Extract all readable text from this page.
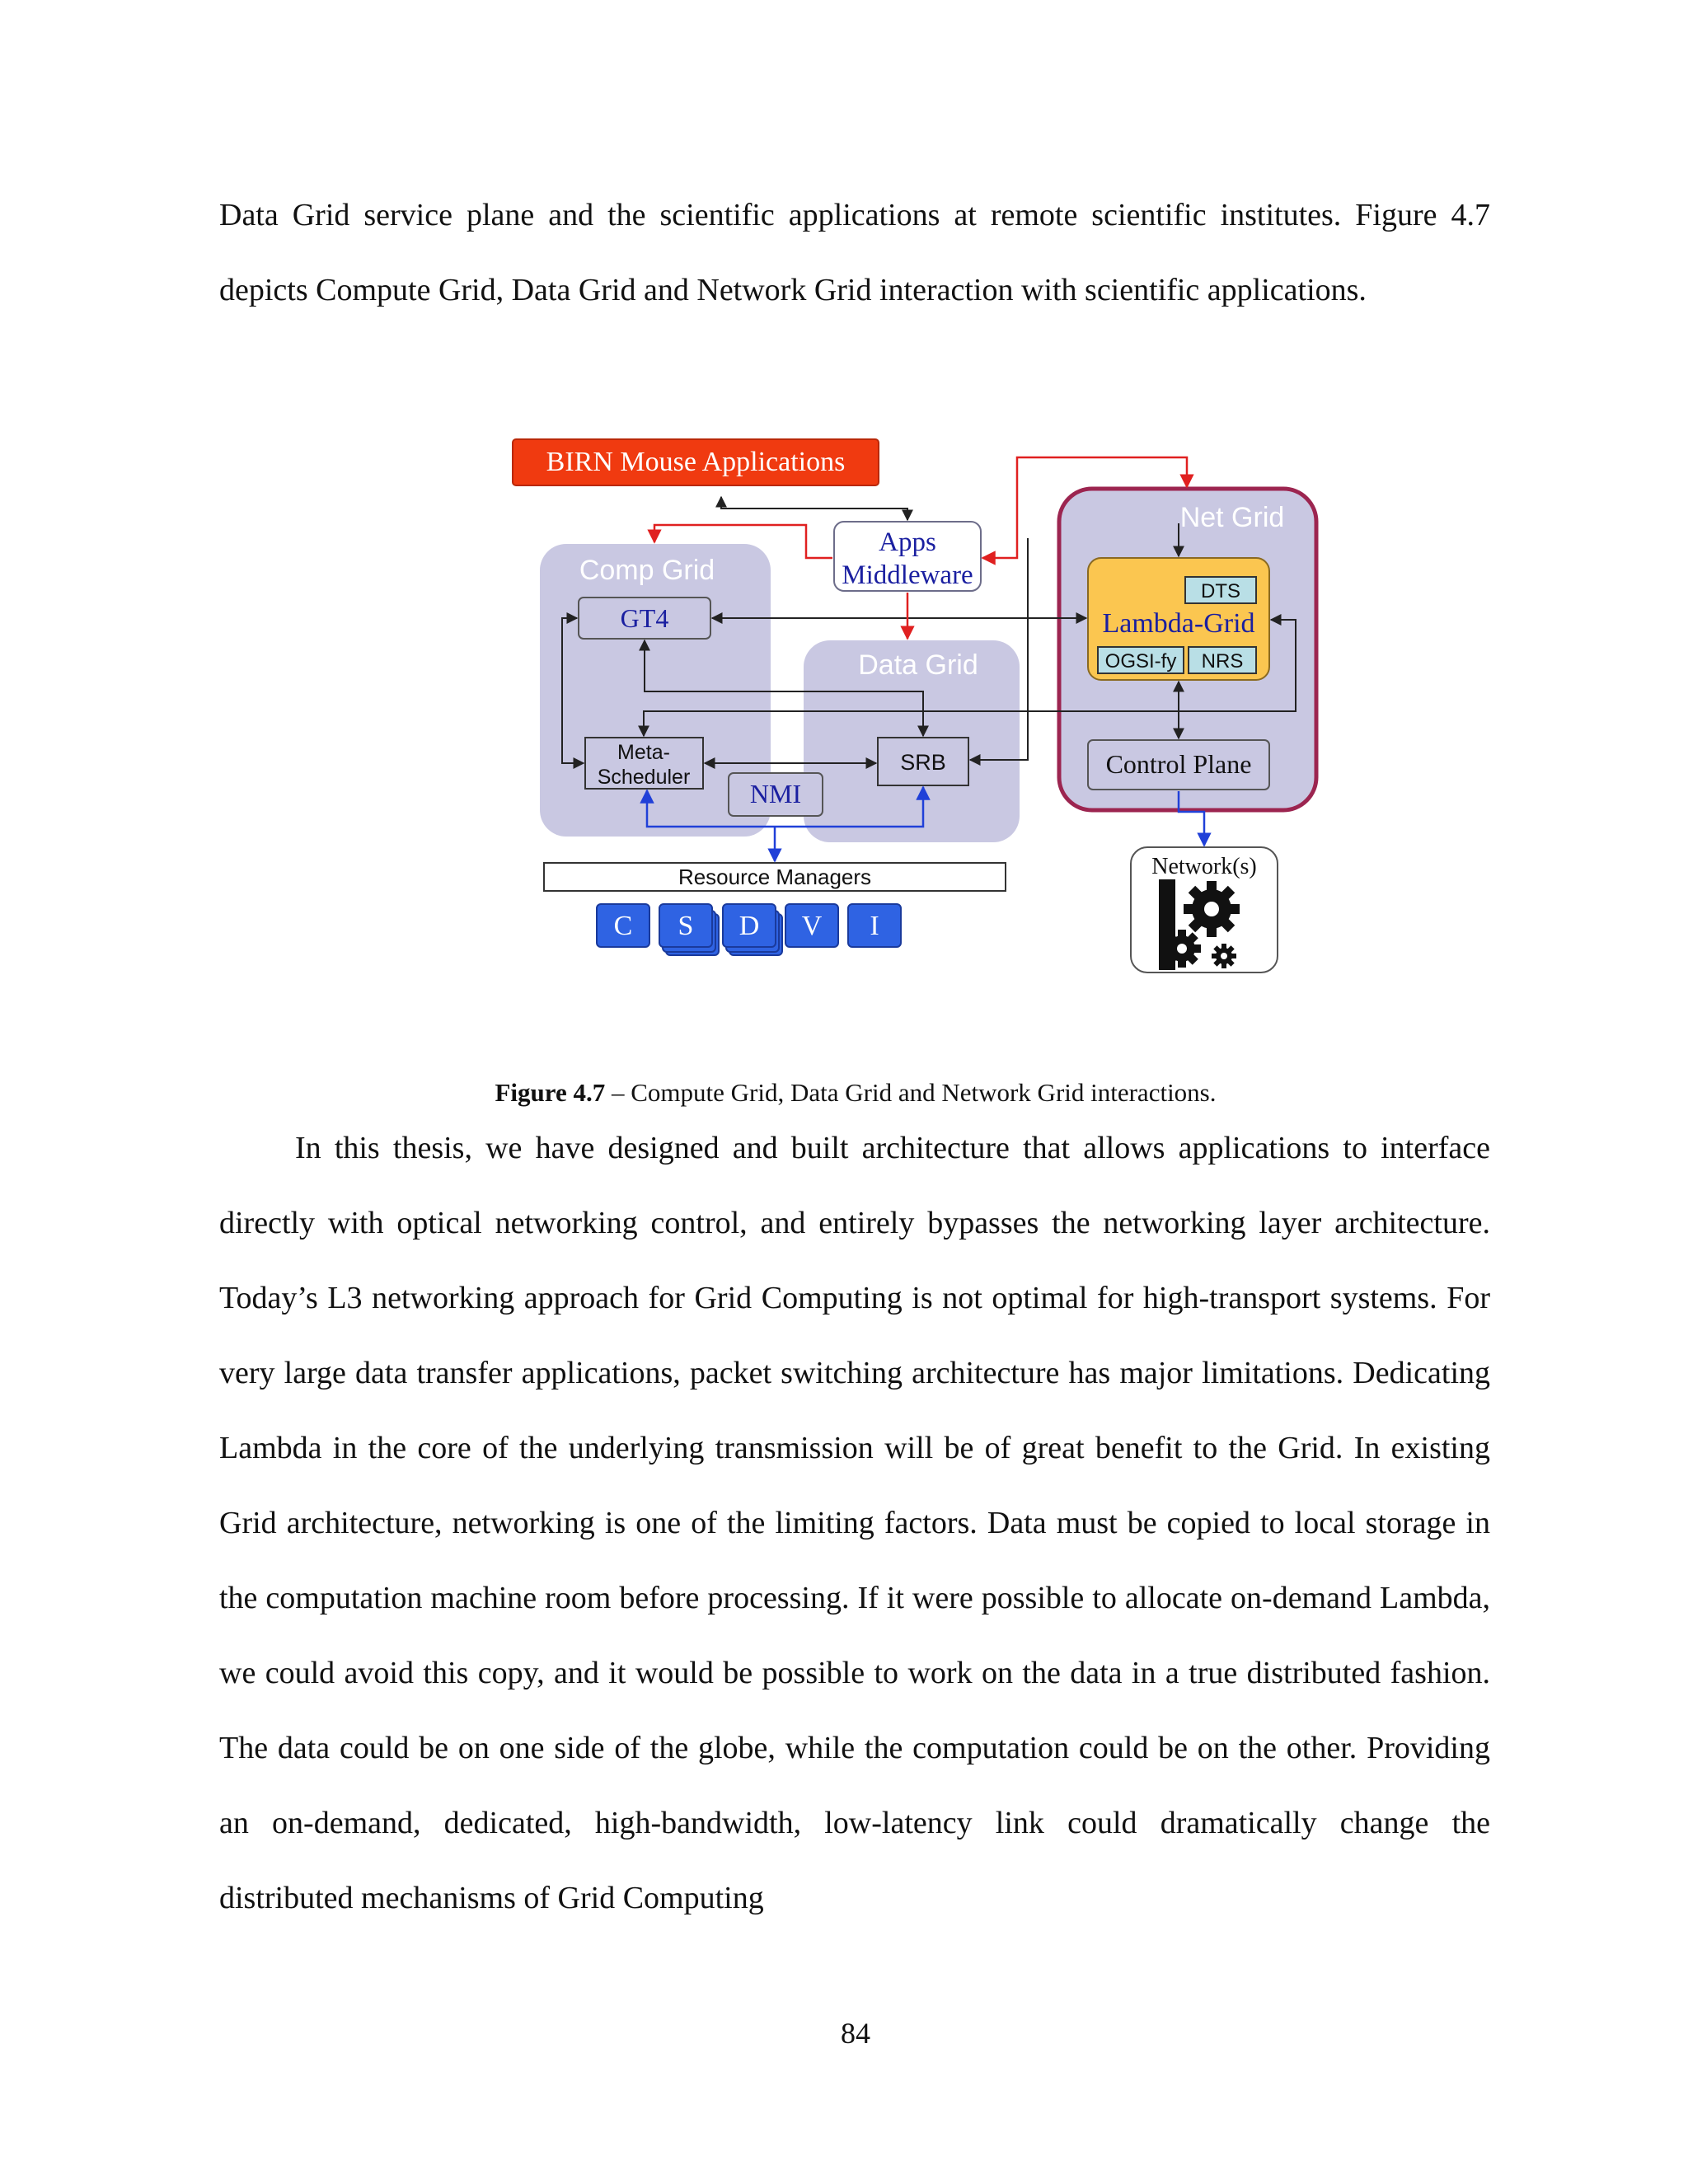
Data Grid service plane and the scientific applications at remote scientific institutes. Figure 4.7 depicts Compute Grid, Data Grid and Network Grid interaction with scientific applications.

Comp Grid
Data Grid
Net Grid
BIRN Mouse Applications
Apps
Middleware
GT4
Meta-
Scheduler
NMI
SRB
DTS
Lambda-Grid
OGSI-fy NRS
Control Plane
Network(s)
Resource Managers
C S D V I
Figure 4.7 – Compute Grid, Data Grid and Network Grid interactions.

In this thesis, we have designed and built architecture that allows applications to interface directly with optical networking control, and entirely bypasses the networking layer architecture. Today’s L3 networking approach for Grid Computing is not optimal for high-transport systems. For very large data transfer applications, packet switching architecture has major limitations. Dedicating Lambda in the core of the underlying transmission will be of great benefit to the Grid. In existing Grid architecture, networking is one of the limiting factors. Data must be copied to local storage in the computation machine room before processing. If it were possible to allocate on-demand Lambda, we could avoid this copy, and it would be possible to work on the data in a true distributed fashion. The data could be on one side of the globe, while the computation could be on the other. Providing an on-demand, dedicated, high-bandwidth, low-latency link could dramatically change the distributed mechanisms of Grid Computing

84
